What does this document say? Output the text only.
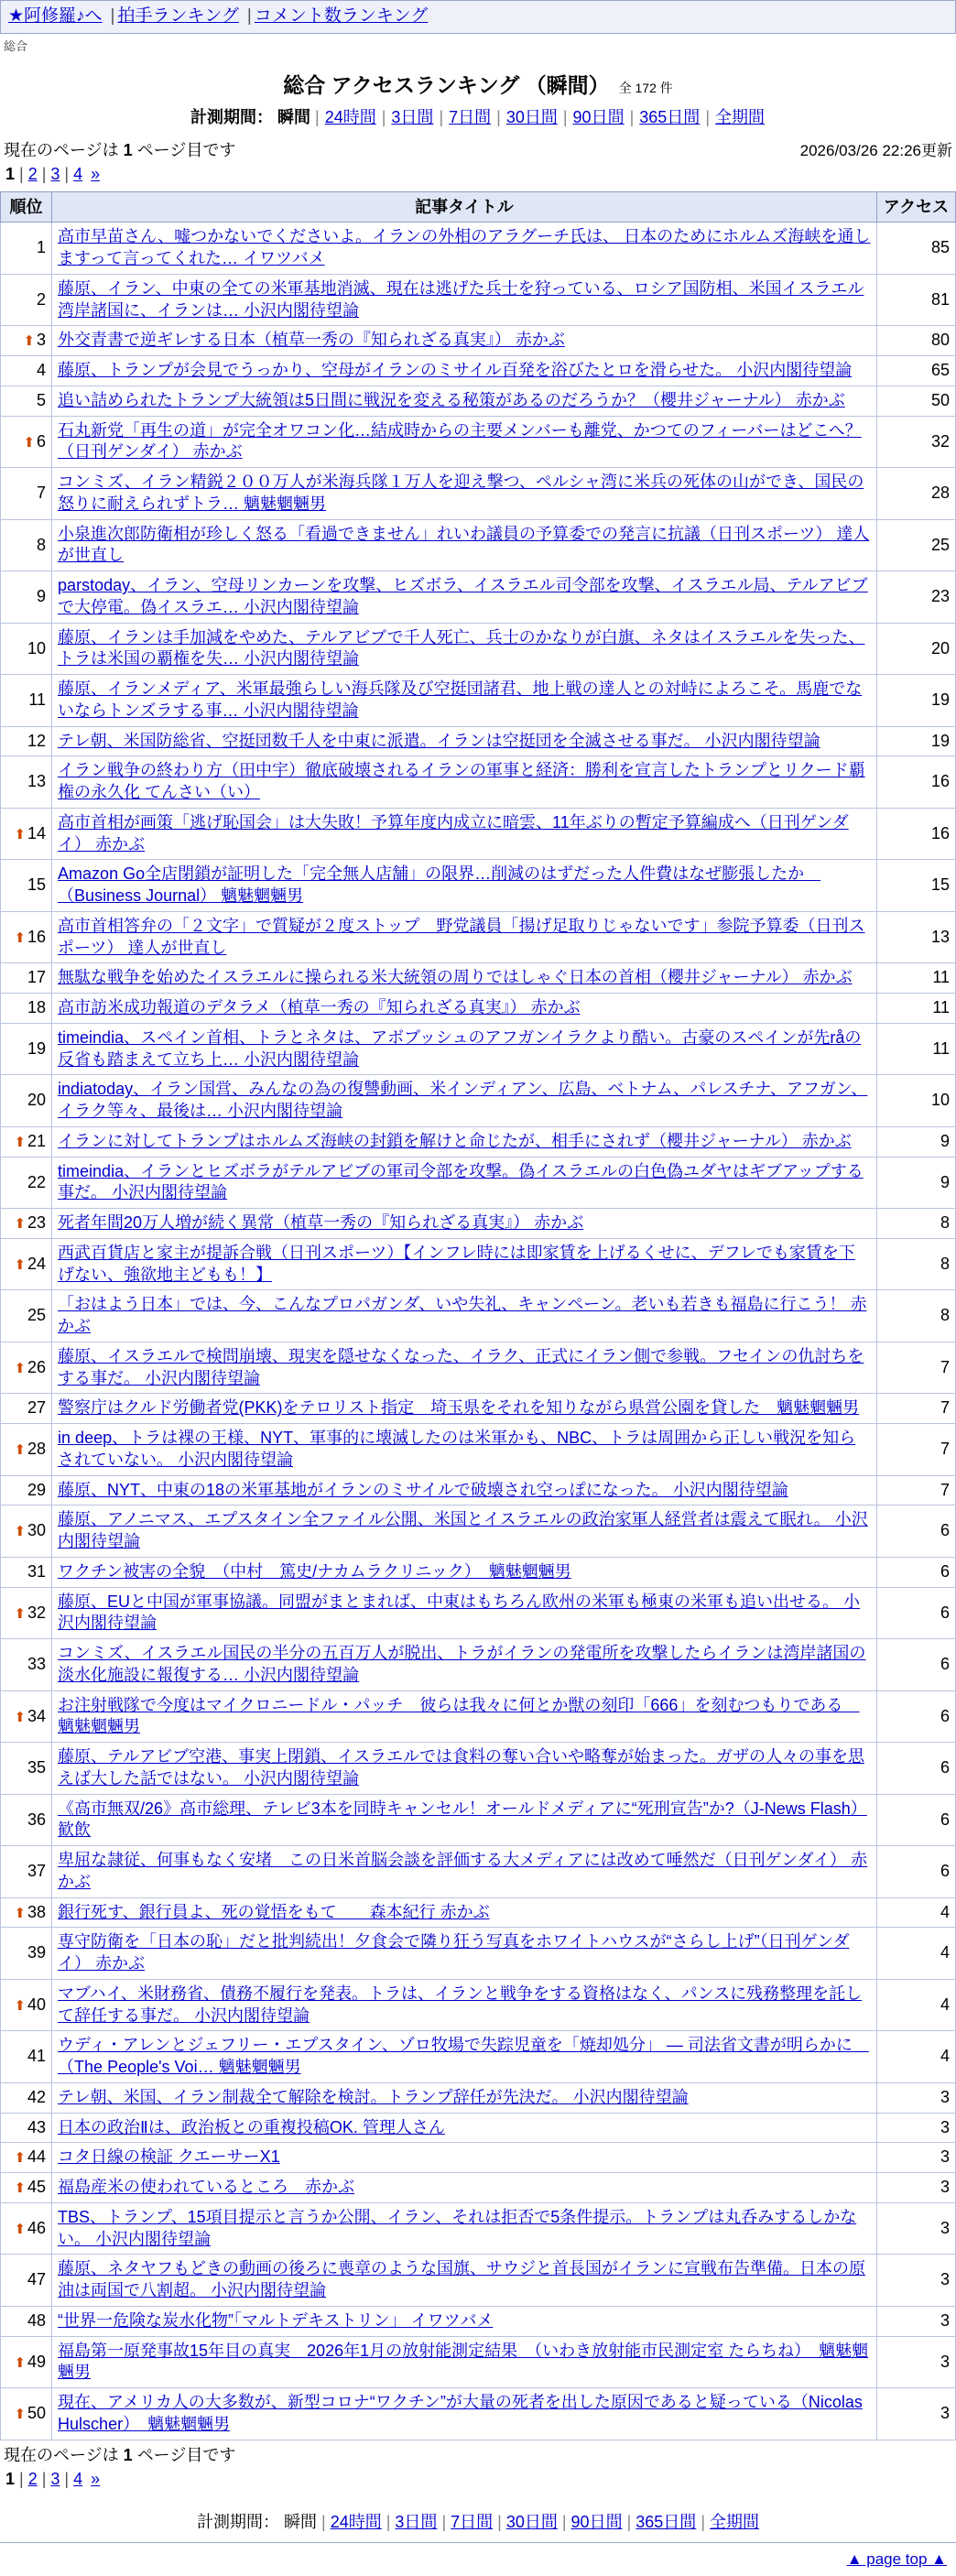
★阿修羅♪へ | 拍手ランキング | コメント数ランキング
総合
総合 アクセスランキング （瞬間） 全 172 件
計測期間： 瞬間 | 24時間 | 3日間 | 7日間 | 30日間 | 90日間 | 365日間 | 全期間
現在のページは 1 ページ目です	2026/03/26 22:26更新
1 | 2 | 3 | 4 »
順位	記事タイトル	アクセス
1	高市早苗さん、嘘つかないでくださいよ。イランの外相のアラグーチ氏は、 日本のためにホルムズ海峡を通しますって言ってくれた… イワツバメ	85
2	藤原、イラン、中東の全ての米軍基地消滅、現在は逃げた兵士を狩っている、ロシア国防相、米国イスラエル湾岸諸国に、イランは… 小沢内閣待望論	81
⬆ 3	外交青書で逆ギレする日本（植草一秀の『知られざる真実』） 赤かぶ	80
4	藤原、トランプが会見でうっかり、空母がイランのミサイル百発を浴びたとロを滑らせた。 小沢内閣待望論	65
5	追い詰められたトランプ大統領は5日間に戦況を変える秘策があるのだろうか？（櫻井ジャーナル） 赤かぶ	50
⬆ 6	石丸新党「再生の道」が完全オワコン化…結成時からの主要メンバーも離党、かつてのフィーバーはどこへ？（日刊ゲンダイ） 赤かぶ	32
7	コンミズ、イラン精鋭２００万人が米海兵隊１万人を迎え撃つ、ペルシャ湾に米兵の死体の山ができ、国民の怒りに耐えられずトラ… 魑魅魍魎男	28
8	小泉進次郎防衛相が珍しく怒る「看過できません」れいわ議員の予算委での発言に抗議（日刊スポーツ） 達人が世直し	25
9	parstoday、イラン、空母リンカーンを攻撃、ヒズボラ、イスラエル司令部を攻撃、イスラエル局、テルアビブで大停電。偽イスラエ… 小沢内閣待望論	23
10	藤原、イランは手加減をやめた、テルアビブで千人死亡、兵士のかなりが白旗、ネタはイスラエルを失った、トラは米国の覇権を失… 小沢内閣待望論	20
11	藤原、イランメディア、米軍最強らしい海兵隊及び空挺団諸君、地上戦の達人との対峙によろこそ。馬鹿でないならトンズラする事… 小沢内閣待望論	19
12	テレ朝、米国防総省、空挺団数千人を中東に派遣。イランは空挺団を全滅させる事だ。 小沢内閣待望論	19
13	イラン戦争の終わり方（田中宇）徹底破壊されるイランの軍事と経済：勝利を宣言したトランプとリクード覇権の永久化 てんさい（い）	16
⬆ 14	高市首相が画策「逃げ恥国会」は大失敗！予算年度内成立に暗雲、11年ぶりの暫定予算編成へ（日刊ゲンダイ） 赤かぶ	16
15	Amazon Go全店閉鎖が証明した「完全無人店舗」の限界…削減のはずだった人件費はなぜ膨張したか　（Business Journal） 魑魅魍魎男	15
⬆ 16	高市首相答弁の「２文字」で質疑が２度ストップ　野党議員「揚げ足取りじゃないです」参院予算委（日刊スポーツ） 達人が世直し	13
17	無駄な戦争を始めたイスラエルに操られる米大統領の周りではしゃぐ日本の首相（櫻井ジャーナル） 赤かぶ	11
18	高市訪米成功報道のデタラメ（植草一秀の『知られざる真実』） 赤かぶ	11
19	timeindia、スペイン首相、トラとネタは、アボブッシュのアフガンイラクより酷い。古豪のスペインが先råの反省も踏まえて立ち上… 小沢内閣待望論	11
20	indiatoday、イラン国営、みんなの為の復讐動画、米インディアン、広島、ベトナム、パレスチナ、アフガン、イラク等々、最後は… 小沢内閣待望論	10
⬆ 21	イランに対してトランプはホルムズ海峡の封鎖を解けと命じたが、相手にされず（櫻井ジャーナル） 赤かぶ	9
22	timeindia、イランとヒズボラがテルアビブの軍司令部を攻撃。偽イスラエルの白色偽ユダヤはギブアップする事だ。 小沢内閣待望論	9
⬆ 23	死者年間20万人増が続く異常（植草一秀の『知られざる真実』） 赤かぶ	8
⬆ 24	西武百貨店と家主が提訴合戦（日刊スポーツ）【インフレ時には即家賃を上げるくせに、デフレでも家賃を下げない、強欲地主どもも！】	8
25	「おはよう日本」では、今、こんなプロパガンダ、いや失礼、キャンペーン。老いも若きも福島に行こう！ 赤かぶ	8
⬆ 26	藤原、イスラエルで検問崩壊、現実を隠せなくなった、イラク、正式にイラン側で参戦。フセインの仇討ちをする事だ。 小沢内閣待望論	7
27	警察庁はクルド労働者党(PKK)をテロリスト指定　埼玉県をそれを知りながら県営公園を貸した　魑魅魍魎男	7
⬆ 28	in deep、トラは裸の王様、NYT、軍事的に壊滅したのは米軍かも、NBC、トラは周囲から正しい戦況を知らされていない。 小沢内閣待望論	7
29	藤原、NYT、中東の18の米軍基地がイランのミサイルで破壊され空っぽになった。 小沢内閣待望論	7
⬆ 30	藤原、アノニマス、エプスタイン全ファイル公開、米国とイスラエルの政治家軍人経営者は震えて眠れ。 小沢内閣待望論	6
31	ワクチン被害の全貌　（中村　篤史/ナカムラクリニック）　魑魅魍魎男	6
⬆ 32	藤原、EUと中国が軍事協議。同盟がまとまれば、中東はもちろん欧州の米軍も極東の米軍も追い出せる。 小沢内閣待望論	6
33	コンミズ、イスラエル国民の半分の五百万人が脱出、トラがイランの発電所を攻撃したらイランは湾岸諸国の淡水化施設に報復する… 小沢内閣待望論	6
⬆ 34	お注射戦隊で今度はマイクロニードル・パッチ　彼らは我々に何とか獣の刻印「666」を刻むつもりである　魑魅魍魎男	6
35	藤原、テルアビブ空港、事実上閉鎖、イスラエルでは食料の奪い合いや略奪が始まった。ガザの人々の事を思えば大した話ではない。 小沢内閣待望論	6
36	《高市無双/26》高市総理、テレビ3本を同時キャンセル！オールドメディアに“死刑宣告”か?（J-News Flash）歓飲	6
37	卑屈な隷従、何事もなく安堵　この日米首脳会談を評価する大メディアには改めて唾然だ（日刊ゲンダイ） 赤かぶ	6
⬆ 38	銀行死す、銀行員よ、死の覚悟をもて　　森本紀行 赤かぶ	4
39	専守防衛を「日本の恥」だと批判続出！夕食会で隣り狂う写真をホワイトハウスが“さらし上げ”（日刊ゲンダイ） 赤かぶ	4
⬆ 40	マブハイ、米財務省、債務不履行を発表。トラは、イランと戦争をする資格はなく、パンスに残務整理を託して辞任する事だ。 小沢内閣待望論	4
41	ウディ・アレンとジェフリー・エプスタイン、ゾロ牧場で失踪児童を「焼却処分」 ― 司法省文書が明らかに　（The People's Voi… 魑魅魍魎男	4
42	テレ朝、米国、イラン制裁全て解除を検討。トランプ辞任が先決だ。 小沢内閣待望論	3
43	日本の政治Ⅱは、政治板との重複投稿OK. 管理人さん	3
⬆ 44	コタ日線の検証 クエーサーX1	3
⬆ 45	福島産米の使われているところ　赤かぶ	3
⬆ 46	TBS、トランプ、15項目提示と言うか公開、イラン、それは拒否で5条件提示。トランプは丸呑みするしかない。 小沢内閣待望論	3
47	藤原、ネタヤフもどきの動画の後ろに喪章のような国旗、サウジと首長国がイランに宣戦布告準備。日本の原油は両国で八割超。 小沢内閣待望論	3
48	“世界一危険な炭水化物”「マルトデキストリン」 イワツバメ	3
⬆ 49	福島第一原発事故15年目の真実　2026年1月の放射能測定結果　（いわき放射能市民測定室 たらちね）　魑魅魍魎男	3
⬆ 50	現在、アメリカ人の大多数が、新型コロナ“ワクチン”が大量の死者を出した原因であると疑っている（Nicolas Hulscher）　魑魅魍魎男	3
現在のページは 1 ページ目です
1 | 2 | 3 | 4 »
計測期間： 瞬間 | 24時間 | 3日間 | 7日間 | 30日間 | 90日間 | 365日間 | 全期間
▲ page top ▲
